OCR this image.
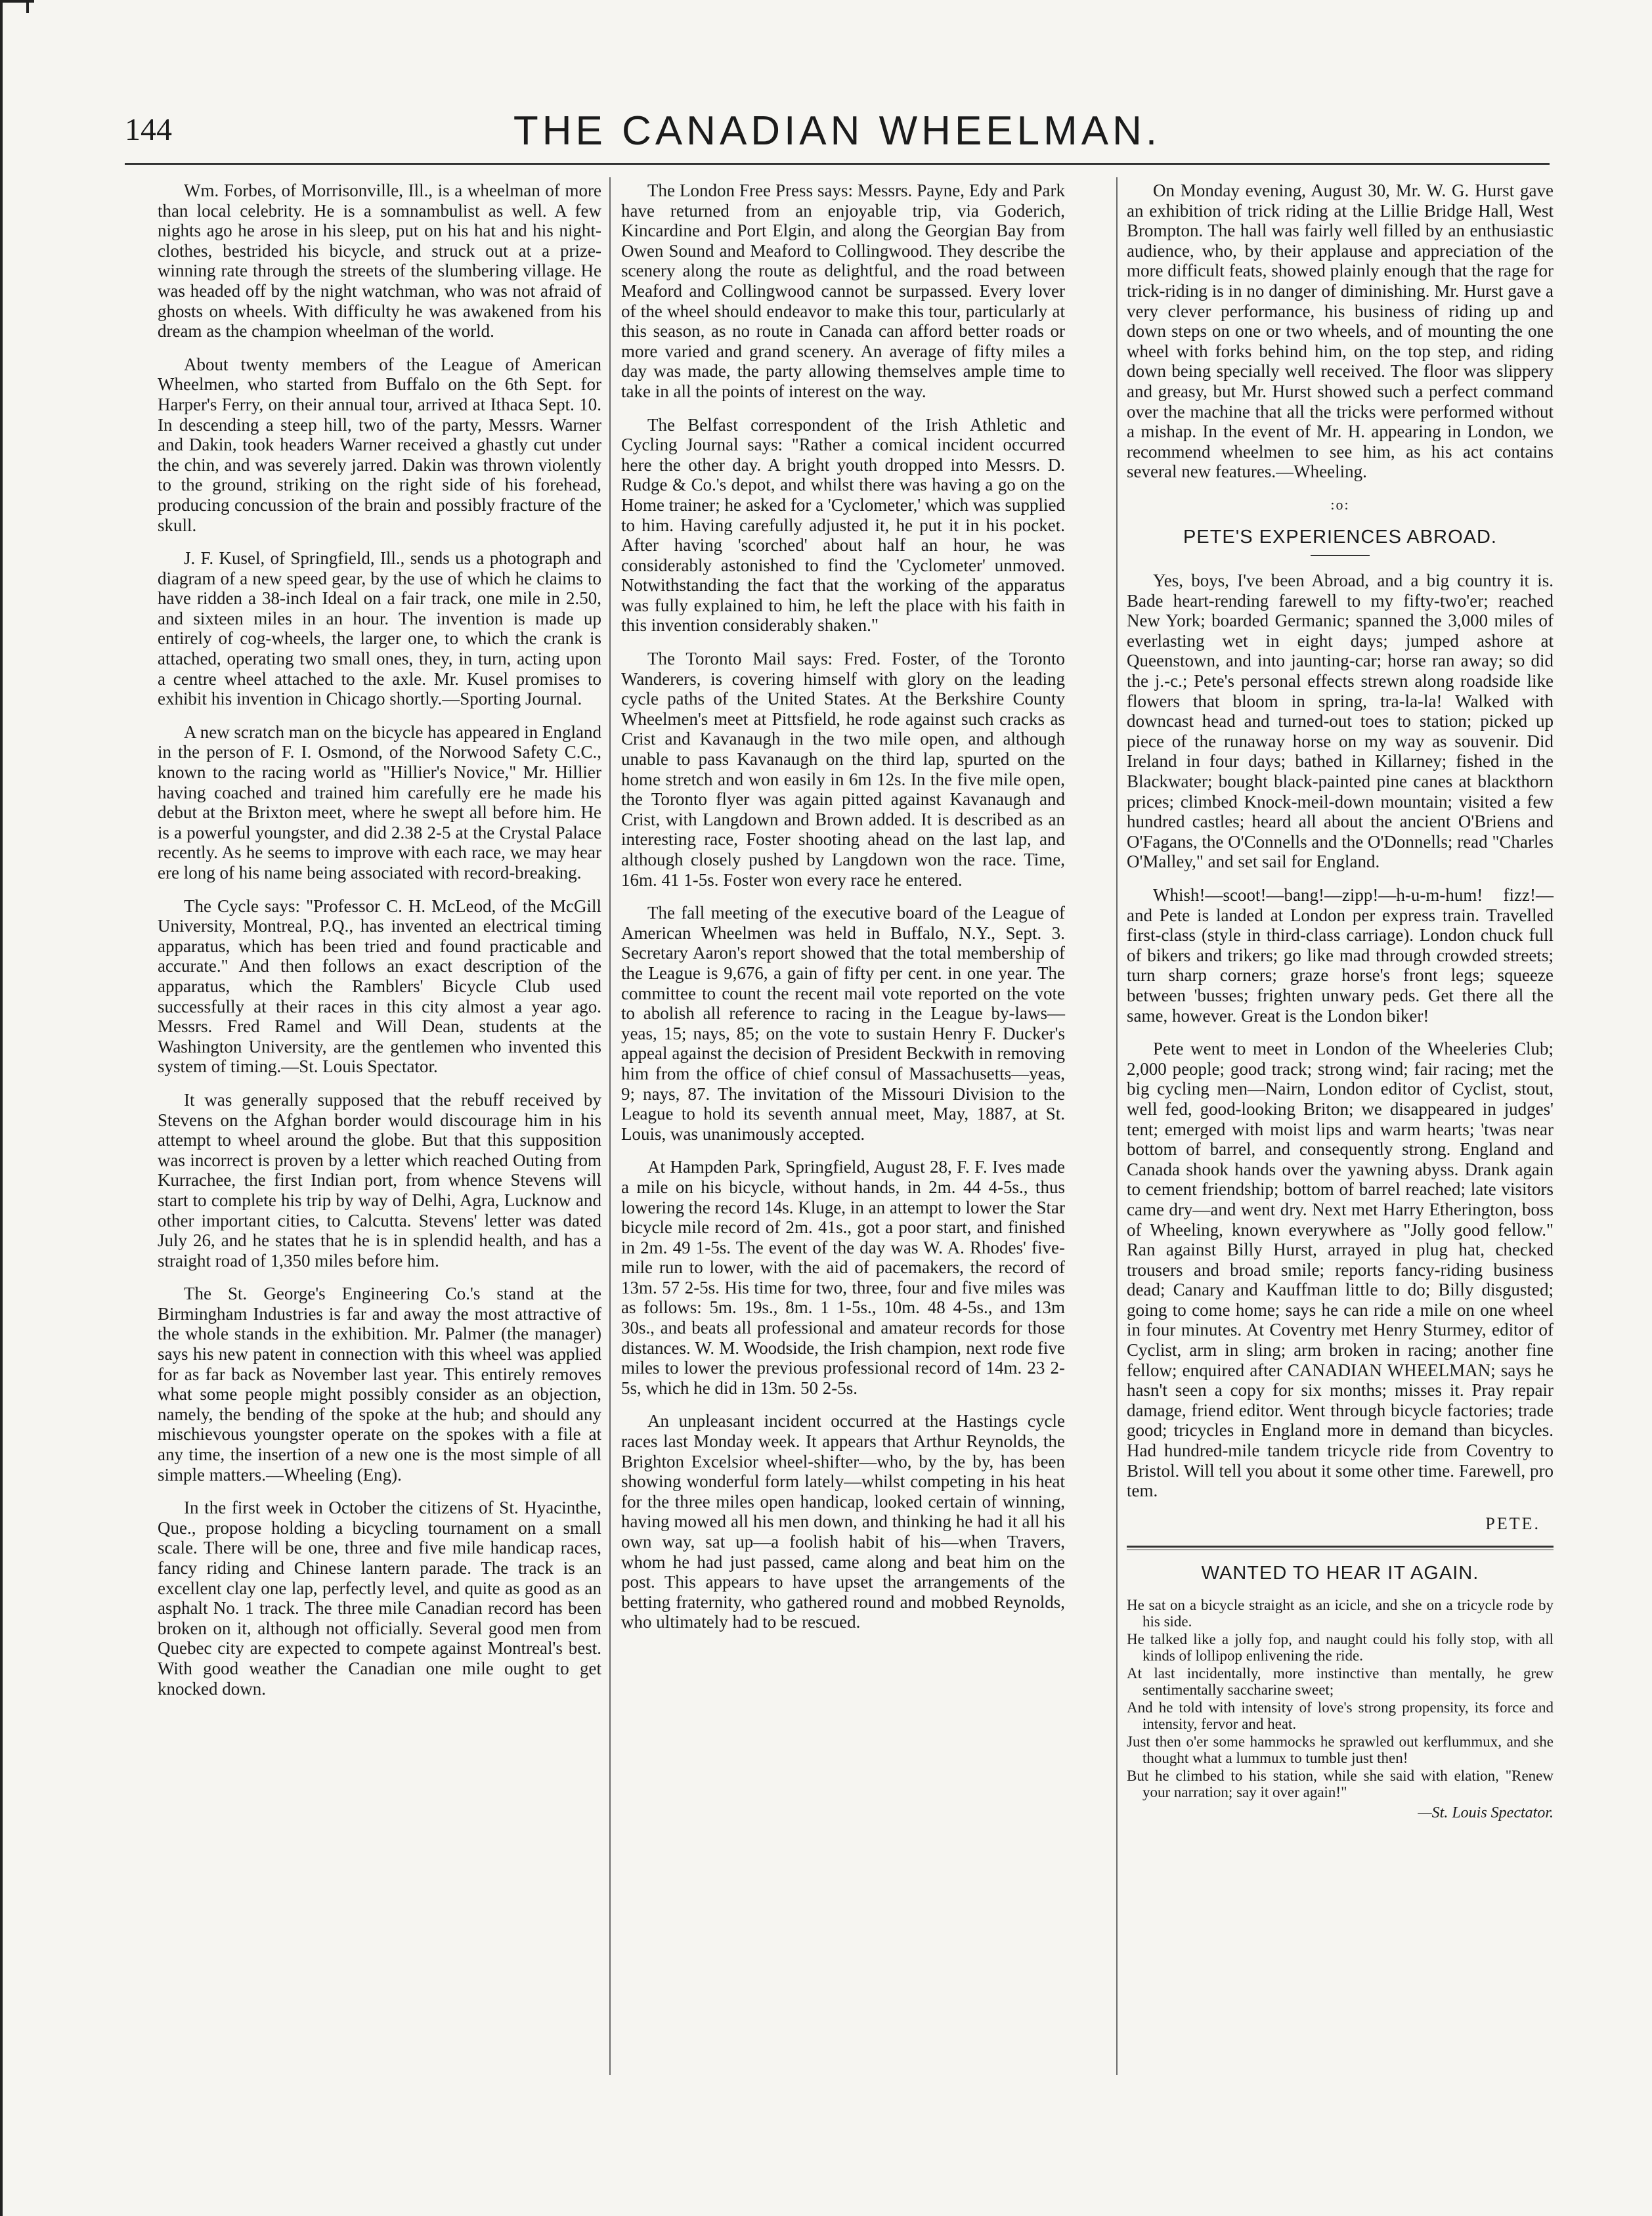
144	THE CANADIAN WHEELMAN.

Wm. Forbes, of Morrisonville, Ill., is a wheelman of more than local celebrity. He is a somnambulist as well. A few nights ago he arose in his sleep, put on his hat and his night-clothes, bestrided his bicycle, and struck out at a prize-winning rate through the streets of the slumbering village. He was headed off by the night watchman, who was not afraid of ghosts on wheels. With difficulty he was awakened from his dream as the champion wheelman of the world.

About twenty members of the League of American Wheelmen, who started from Buffalo on the 6th Sept. for Harper's Ferry, on their annual tour, arrived at Ithaca Sept. 10. In descending a steep hill, two of the party, Messrs. Warner and Dakin, took headers Warner received a ghastly cut under the chin, and was severely jarred. Dakin was thrown violently to the ground, striking on the right side of his forehead, producing concussion of the brain and possibly fracture of the skull.

J. F. Kusel, of Springfield, Ill., sends us a photograph and diagram of a new speed gear, by the use of which he claims to have ridden a 38-inch Ideal on a fair track, one mile in 2.50, and sixteen miles in an hour. The invention is made up entirely of cog-wheels, the larger one, to which the crank is attached, operating two small ones, they, in turn, acting upon a centre wheel attached to the axle. Mr. Kusel promises to exhibit his invention in Chicago shortly.—Sporting Journal.

A new scratch man on the bicycle has appeared in England in the person of F. I. Osmond, of the Norwood Safety C.C., known to the racing world as "Hillier's Novice," Mr. Hillier having coached and trained him carefully ere he made his debut at the Brixton meet, where he swept all before him. He is a powerful youngster, and did 2.38 2-5 at the Crystal Palace recently. As he seems to improve with each race, we may hear ere long of his name being associated with record-breaking.

The Cycle says: "Professor C. H. McLeod, of the McGill University, Montreal, P.Q., has invented an electrical timing apparatus, which has been tried and found practicable and accurate." And then follows an exact description of the apparatus, which the Ramblers' Bicycle Club used successfully at their races in this city almost a year ago. Messrs. Fred Ramel and Will Dean, students at the Washington University, are the gentlemen who invented this system of timing.—St. Louis Spectator.

It was generally supposed that the rebuff received by Stevens on the Afghan border would discourage him in his attempt to wheel around the globe. But that this supposition was incorrect is proven by a letter which reached Outing from Kurrachee, the first Indian port, from whence Stevens will start to complete his trip by way of Delhi, Agra, Lucknow and other important cities, to Calcutta. Stevens' letter was dated July 26, and he states that he is in splendid health, and has a straight road of 1,350 miles before him.

The St. George's Engineering Co.'s stand at the Birmingham Industries is far and away the most attractive of the whole stands in the exhibition. Mr. Palmer (the manager) says his new patent in connection with this wheel was applied for as far back as November last year. This entirely removes what some people might possibly consider as an objection, namely, the bending of the spoke at the hub; and should any mischievous youngster operate on the spokes with a file at any time, the insertion of a new one is the most simple of all simple matters.—Wheeling (Eng).

In the first week in October the citizens of St. Hyacinthe, Que., propose holding a bicycling tournament on a small scale. There will be one, three and five mile handicap races, fancy riding and Chinese lantern parade. The track is an excellent clay one lap, perfectly level, and quite as good as an asphalt No. 1 track. The three mile Canadian record has been broken on it, although not officially. Several good men from Quebec city are expected to compete against Montreal's best. With good weather the Canadian one mile ought to get knocked down.

The London Free Press says: Messrs. Payne, Edy and Park have returned from an enjoyable trip, via Goderich, Kincardine and Port Elgin, and along the Georgian Bay from Owen Sound and Meaford to Collingwood. They describe the scenery along the route as delightful, and the road between Meaford and Collingwood cannot be surpassed. Every lover of the wheel should endeavor to make this tour, particularly at this season, as no route in Canada can afford better roads or more varied and grand scenery. An average of fifty miles a day was made, the party allowing themselves ample time to take in all the points of interest on the way.

The Belfast correspondent of the Irish Athletic and Cycling Journal says: "Rather a comical incident occurred here the other day. A bright youth dropped into Messrs. D. Rudge & Co.'s depot, and whilst there was having a go on the Home trainer; he asked for a 'Cyclometer,' which was supplied to him. Having carefully adjusted it, he put it in his pocket. After having 'scorched' about half an hour, he was considerably astonished to find the 'Cyclometer' unmoved. Notwithstanding the fact that the working of the apparatus was fully explained to him, he left the place with his faith in this invention considerably shaken."

The Toronto Mail says: Fred. Foster, of the Toronto Wanderers, is covering himself with glory on the leading cycle paths of the United States. At the Berkshire County Wheelmen's meet at Pittsfield, he rode against such cracks as Crist and Kavanaugh in the two mile open, and although unable to pass Kavanaugh on the third lap, spurted on the home stretch and won easily in 6m 12s. In the five mile open, the Toronto flyer was again pitted against Kavanaugh and Crist, with Langdown and Brown added. It is described as an interesting race, Foster shooting ahead on the last lap, and although closely pushed by Langdown won the race. Time, 16m. 41 1-5s. Foster won every race he entered.

The fall meeting of the executive board of the League of American Wheelmen was held in Buffalo, N.Y., Sept. 3. Secretary Aaron's report showed that the total membership of the League is 9,676, a gain of fifty per cent. in one year. The committee to count the recent mail vote reported on the vote to abolish all reference to racing in the League by-laws—yeas, 15; nays, 85; on the vote to sustain Henry F. Ducker's appeal against the decision of President Beckwith in removing him from the office of chief consul of Massachusetts—yeas, 9; nays, 87. The invitation of the Missouri Division to the League to hold its seventh annual meet, May, 1887, at St. Louis, was unanimously accepted.

At Hampden Park, Springfield, August 28, F. F. Ives made a mile on his bicycle, without hands, in 2m. 44 4-5s., thus lowering the record 14s. Kluge, in an attempt to lower the Star bicycle mile record of 2m. 41s., got a poor start, and finished in 2m. 49 1-5s. The event of the day was W. A. Rhodes' five-mile run to lower, with the aid of pacemakers, the record of 13m. 57 2-5s. His time for two, three, four and five miles was as follows: 5m. 19s., 8m. 1 1-5s., 10m. 48 4-5s., and 13m 30s., and beats all professional and amateur records for those distances. W. M. Woodside, the Irish champion, next rode five miles to lower the previous professional record of 14m. 23 2-5s, which he did in 13m. 50 2-5s.

An unpleasant incident occurred at the Hastings cycle races last Monday week. It appears that Arthur Reynolds, the Brighton Excelsior wheel-shifter—who, by the by, has been showing wonderful form lately—whilst competing in his heat for the three miles open handicap, looked certain of winning, having mowed all his men down, and thinking he had it all his own way, sat up—a foolish habit of his—when Travers, whom he had just passed, came along and beat him on the post. This appears to have upset the arrangements of the betting fraternity, who gathered round and mobbed Reynolds, who ultimately had to be rescued.

On Monday evening, August 30, Mr. W. G. Hurst gave an exhibition of trick riding at the Lillie Bridge Hall, West Brompton. The hall was fairly well filled by an enthusiastic audience, who, by their applause and appreciation of the more difficult feats, showed plainly enough that the rage for trick-riding is in no danger of diminishing. Mr. Hurst gave a very clever performance, his business of riding up and down steps on one or two wheels, and of mounting the one wheel with forks behind him, on the top step, and riding down being specially well received. The floor was slippery and greasy, but Mr. Hurst showed such a perfect command over the machine that all the tricks were performed without a mishap. In the event of Mr. H. appearing in London, we recommend wheelmen to see him, as his act contains several new features.—Wheeling.

:o:
PETE'S EXPERIENCES ABROAD.

Yes, boys, I've been Abroad, and a big country it is. Bade heart-rending farewell to my fifty-two'er; reached New York; boarded Germanic; spanned the 3,000 miles of everlasting wet in eight days; jumped ashore at Queenstown, and into jaunting-car; horse ran away; so did the j.-c.; Pete's personal effects strewn along roadside like flowers that bloom in spring, tra-la-la! Walked with downcast head and turned-out toes to station; picked up piece of the runaway horse on my way as souvenir. Did Ireland in four days; bathed in Killarney; fished in the Blackwater; bought black-painted pine canes at blackthorn prices; climbed Knock-meil-down mountain; visited a few hundred castles; heard all about the ancient O'Briens and O'Fagans, the O'Connells and the O'Donnells; read "Charles O'Malley," and set sail for England.

Whish!—scoot!—bang!—zipp!—h-u-m-hum! fizz!—and Pete is landed at London per express train. Travelled first-class (style in third-class carriage). London chuck full of bikers and trikers; go like mad through crowded streets; turn sharp corners; graze horse's front legs; squeeze between 'busses; frighten unwary peds. Get there all the same, however. Great is the London biker!

Pete went to meet in London of the Wheeleries Club; 2,000 people; good track; strong wind; fair racing; met the big cycling men—Nairn, London editor of Cyclist, stout, well fed, good-looking Briton; we disappeared in judges' tent; emerged with moist lips and warm hearts; 'twas near bottom of barrel, and consequently strong. England and Canada shook hands over the yawning abyss. Drank again to cement friendship; bottom of barrel reached; late visitors came dry—and went dry. Next met Harry Etherington, boss of Wheeling, known everywhere as "Jolly good fellow." Ran against Billy Hurst, arrayed in plug hat, checked trousers and broad smile; reports fancy-riding business dead; Canary and Kauffman little to do; Billy disgusted; going to come home; says he can ride a mile on one wheel in four minutes. At Coventry met Henry Sturmey, editor of Cyclist, arm in sling; arm broken in racing; another fine fellow; enquired after CANADIAN WHEELMAN; says he hasn't seen a copy for six months; misses it. Pray repair damage, friend editor. Went through bicycle factories; trade good; tricycles in England more in demand than bicycles. Had hundred-mile tandem tricycle ride from Coventry to Bristol. Will tell you about it some other time. Farewell, pro tem.

PETE.
WANTED TO HEAR IT AGAIN.
He sat on a bicycle straight as an icicle, and she on a tricycle rode by his side.
He talked like a jolly fop, and naught could his folly stop, with all kinds of lollipop enlivening the ride.
At last incidentally, more instinctive than mentally, he grew sentimentally saccharine sweet;
And he told with intensity of love's strong propensity, its force and intensity, fervor and heat.
Just then o'er some hammocks he sprawled out kerflummux, and she thought what a lummux to tumble just then!
But he climbed to his station, while she said with elation, "Renew your narration; say it over again!"
—St. Louis Spectator.
